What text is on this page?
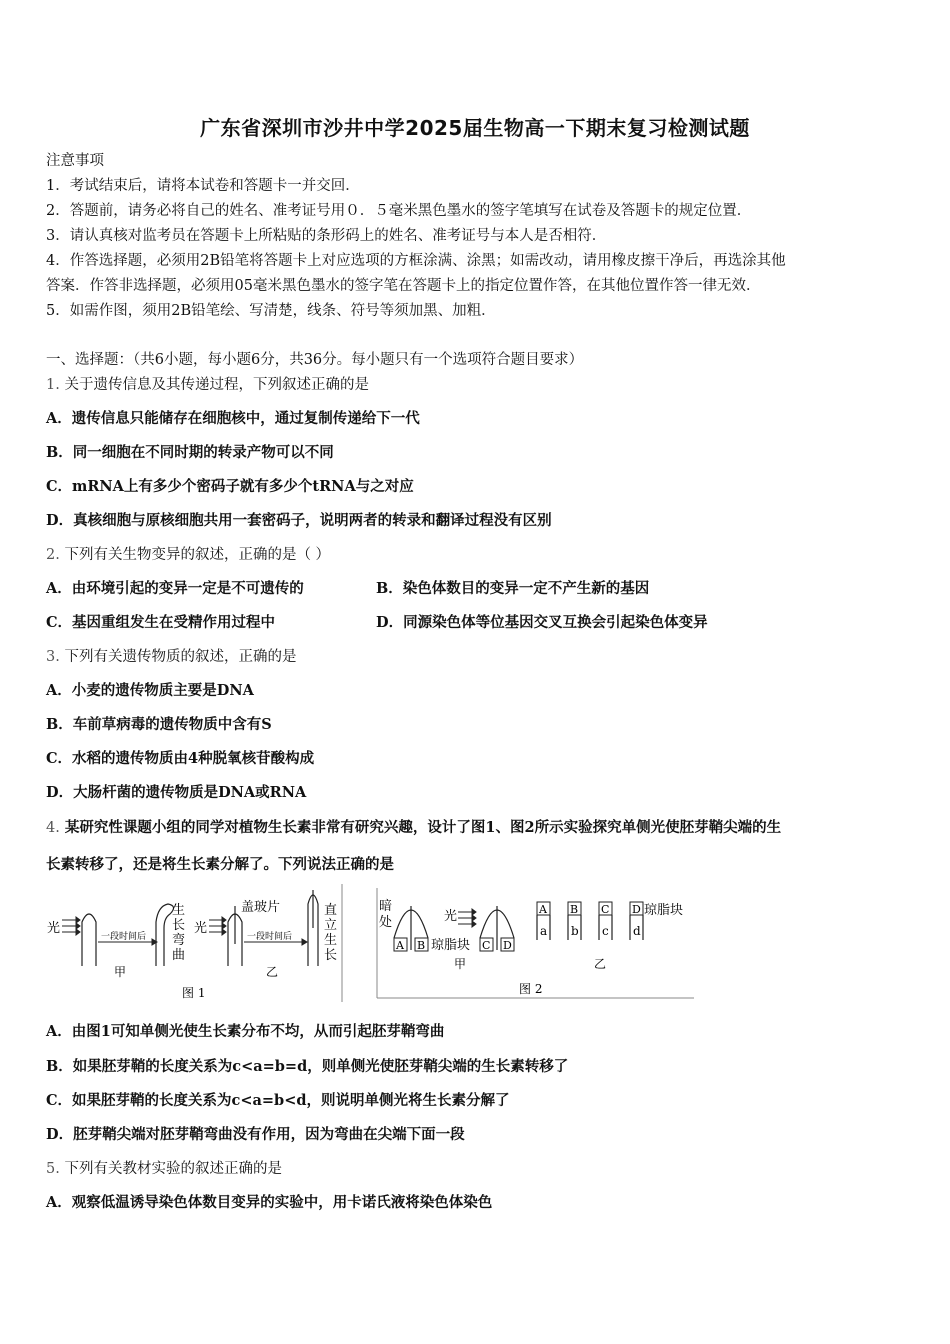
广东省深圳市沙井中学2025届生物高一下期末复习检测试题
注意事项
1．考试结束后，请将本试卷和答题卡一并交回．
2．答题前，请务必将自己的姓名、准考证号用０．５毫米黑色墨水的签字笔填写在试卷及答题卡的规定位置．
3．请认真核对监考员在答题卡上所粘贴的条形码上的姓名、准考证号与本人是否相符．
4．作答选择题，必须用2B铅笔将答题卡上对应选项的方框涂满、涂黑；如需改动，请用橡皮擦干净后，再选涂其他
答案．作答非选择题，必须用05毫米黑色墨水的签字笔在答题卡上的指定位置作答，在其他位置作答一律无效．
5．如需作图，须用2B铅笔绘、写清楚，线条、符号等须加黑、加粗．
一、选择题：（共6小题，每小题6分，共36分。每小题只有一个选项符合题目要求）
1. 关于遗传信息及其传递过程，下列叙述正确的是
A．遗传信息只能储存在细胞核中，通过复制传递给下一代
B．同一细胞在不同时期的转录产物可以不同
C．mRNA上有多少个密码子就有多少个tRNA与之对应
D．真核细胞与原核细胞共用一套密码子，说明两者的转录和翻译过程没有区别
2. 下列有关生物变异的叙述，正确的是（ ）
A．由环境引起的变异一定是不可遗传的	B．染色体数目的变异一定不产生新的基因
C．基因重组发生在受精作用过程中	D．同源染色体等位基因交叉互换会引起染色体变异
3. 下列有关遗传物质的叙述，正确的是
A．小麦的遗传物质主要是DNA
B．车前草病毒的遗传物质中含有S
C．水稻的遗传物质由4种脱氧核苷酸构成
D．大肠杆菌的遗传物质是DNA或RNA
4. 某研究性课题小组的同学对植物生长素非常有研究兴趣，设计了图1、图2所示实验探究单侧光使胚芽鞘尖端的生
长素转移了，还是将生长素分解了。下列说法正确的是
光
一段时间后
生
长
弯
曲
甲
光
盖玻片
一段时间后
直
立
生
长
乙
图 1
暗
处
A B
光
C D
琼脂块
甲
A B C D
a b c d
琼脂块
乙
图 2
A．由图1可知单侧光使生长素分布不均，从而引起胚芽鞘弯曲
B．如果胚芽鞘的长度关系为c<a=b=d，则单侧光使胚芽鞘尖端的生长素转移了
C．如果胚芽鞘的长度关系为c<a=b<d，则说明单侧光将生长素分解了
D．胚芽鞘尖端对胚芽鞘弯曲没有作用，因为弯曲在尖端下面一段
5. 下列有关教材实验的叙述正确的是
A．观察低温诱导染色体数目变异的实验中，用卡诺氏液将染色体染色
